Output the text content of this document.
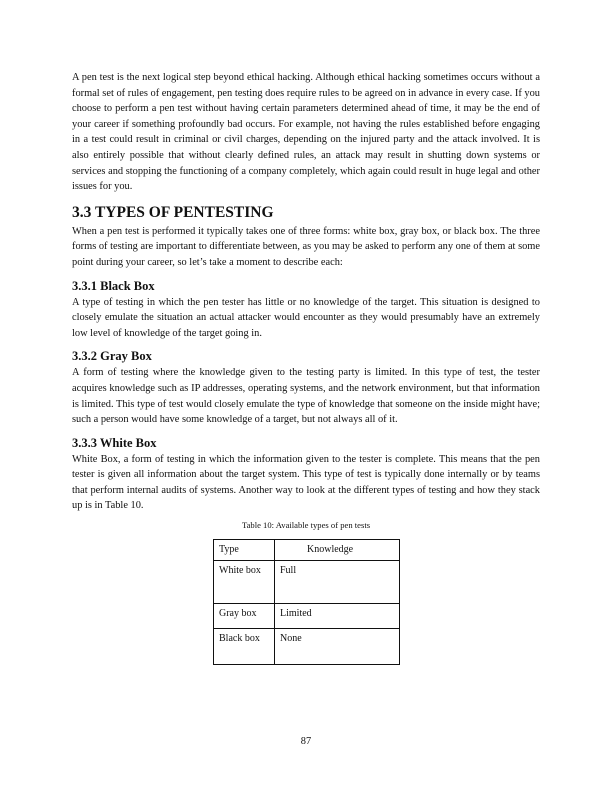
A pen test is the next logical step beyond ethical hacking. Although ethical hacking sometimes occurs without a formal set of rules of engagement, pen testing does require rules to be agreed on in advance in every case. If you choose to perform a pen test without having certain parameters determined ahead of time, it may be the end of your career if something profoundly bad occurs. For example, not having the rules established before engaging in a test could result in criminal or civil charges, depending on the injured party and the attack involved. It is also entirely possible that without clearly defined rules, an attack may result in shutting down systems or services and stopping the functioning of a company completely, which again could result in huge legal and other issues for you.

3.3 TYPES OF PENTESTING

When a pen test is performed it typically takes one of three forms: white box, gray box, or black box. The three forms of testing are important to differentiate between, as you may be asked to perform any one of them at some point during your career, so let’s take a moment to describe each:

3.3.1 Black Box

A type of testing in which the pen tester has little or no knowledge of the target. This situation is designed to closely emulate the situation an actual attacker would encounter as they would presumably have an extremely low level of knowledge of the target going in.

3.3.2 Gray Box

A form of testing where the knowledge given to the testing party is limited. In this type of test, the tester acquires knowledge such as IP addresses, operating systems, and the network environment, but that information is limited. This type of test would closely emulate the type of knowledge that someone on the inside might have; such a person would have some knowledge of a target, but not always all of it.

3.3.3 White Box

White Box, a form of testing in which the information given to the tester is complete. This means that the pen tester is given all information about the target system. This type of test is typically done internally or by teams that perform internal audits of systems. Another way to look at the different types of testing and how they stack up is in Table 10.

Table 10: Available types of pen tests
Type	Knowledge
White box	Full
Gray box	Limited
Black box	None
87
